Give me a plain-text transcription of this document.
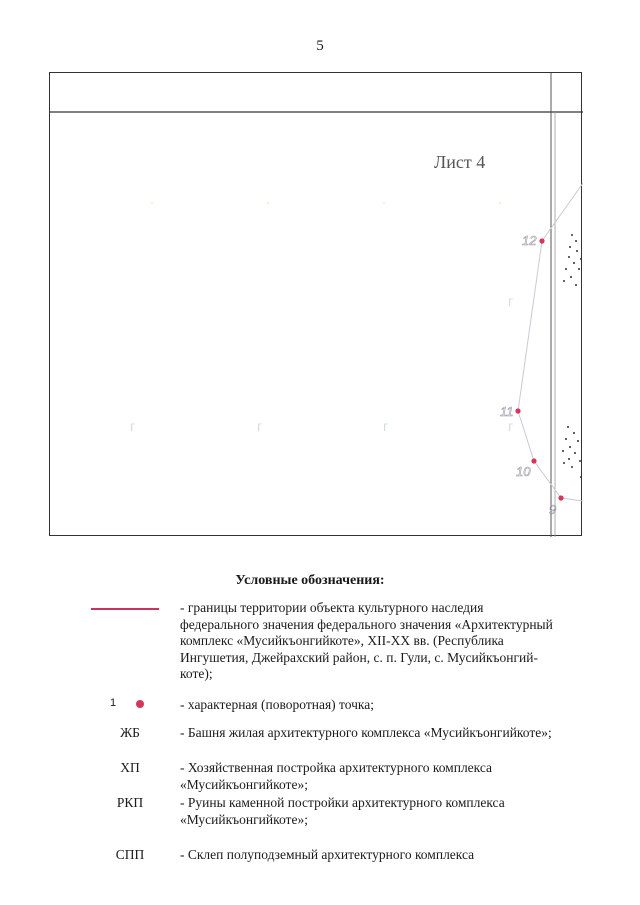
5
Лист 4
12
11
10
9
г	г	г	г
г
Условные обозначения:
- границы территории объекта культурного наследия федерального значения федерального значения «Архитектурный комплекс «Мусийкъонгийкоте», XII-XX вв. (Республика Ингушетия, Джейрахский район, с. п. Гули, с. Мусийкъонгий-коте);
1	- характерная (поворотная) точка;
ЖБ	- Башня жилая архитектурного комплекса «Мусийкъонгийкоте»;
ХП	- Хозяйственная постройка архитектурного комплекса «Мусийкъонгийкоте»;
РКП	- Руины каменной постройки архитектурного комплекса «Мусийкъонгийкоте»;
СПП	- Склеп полуподземный архитектурного комплекса
